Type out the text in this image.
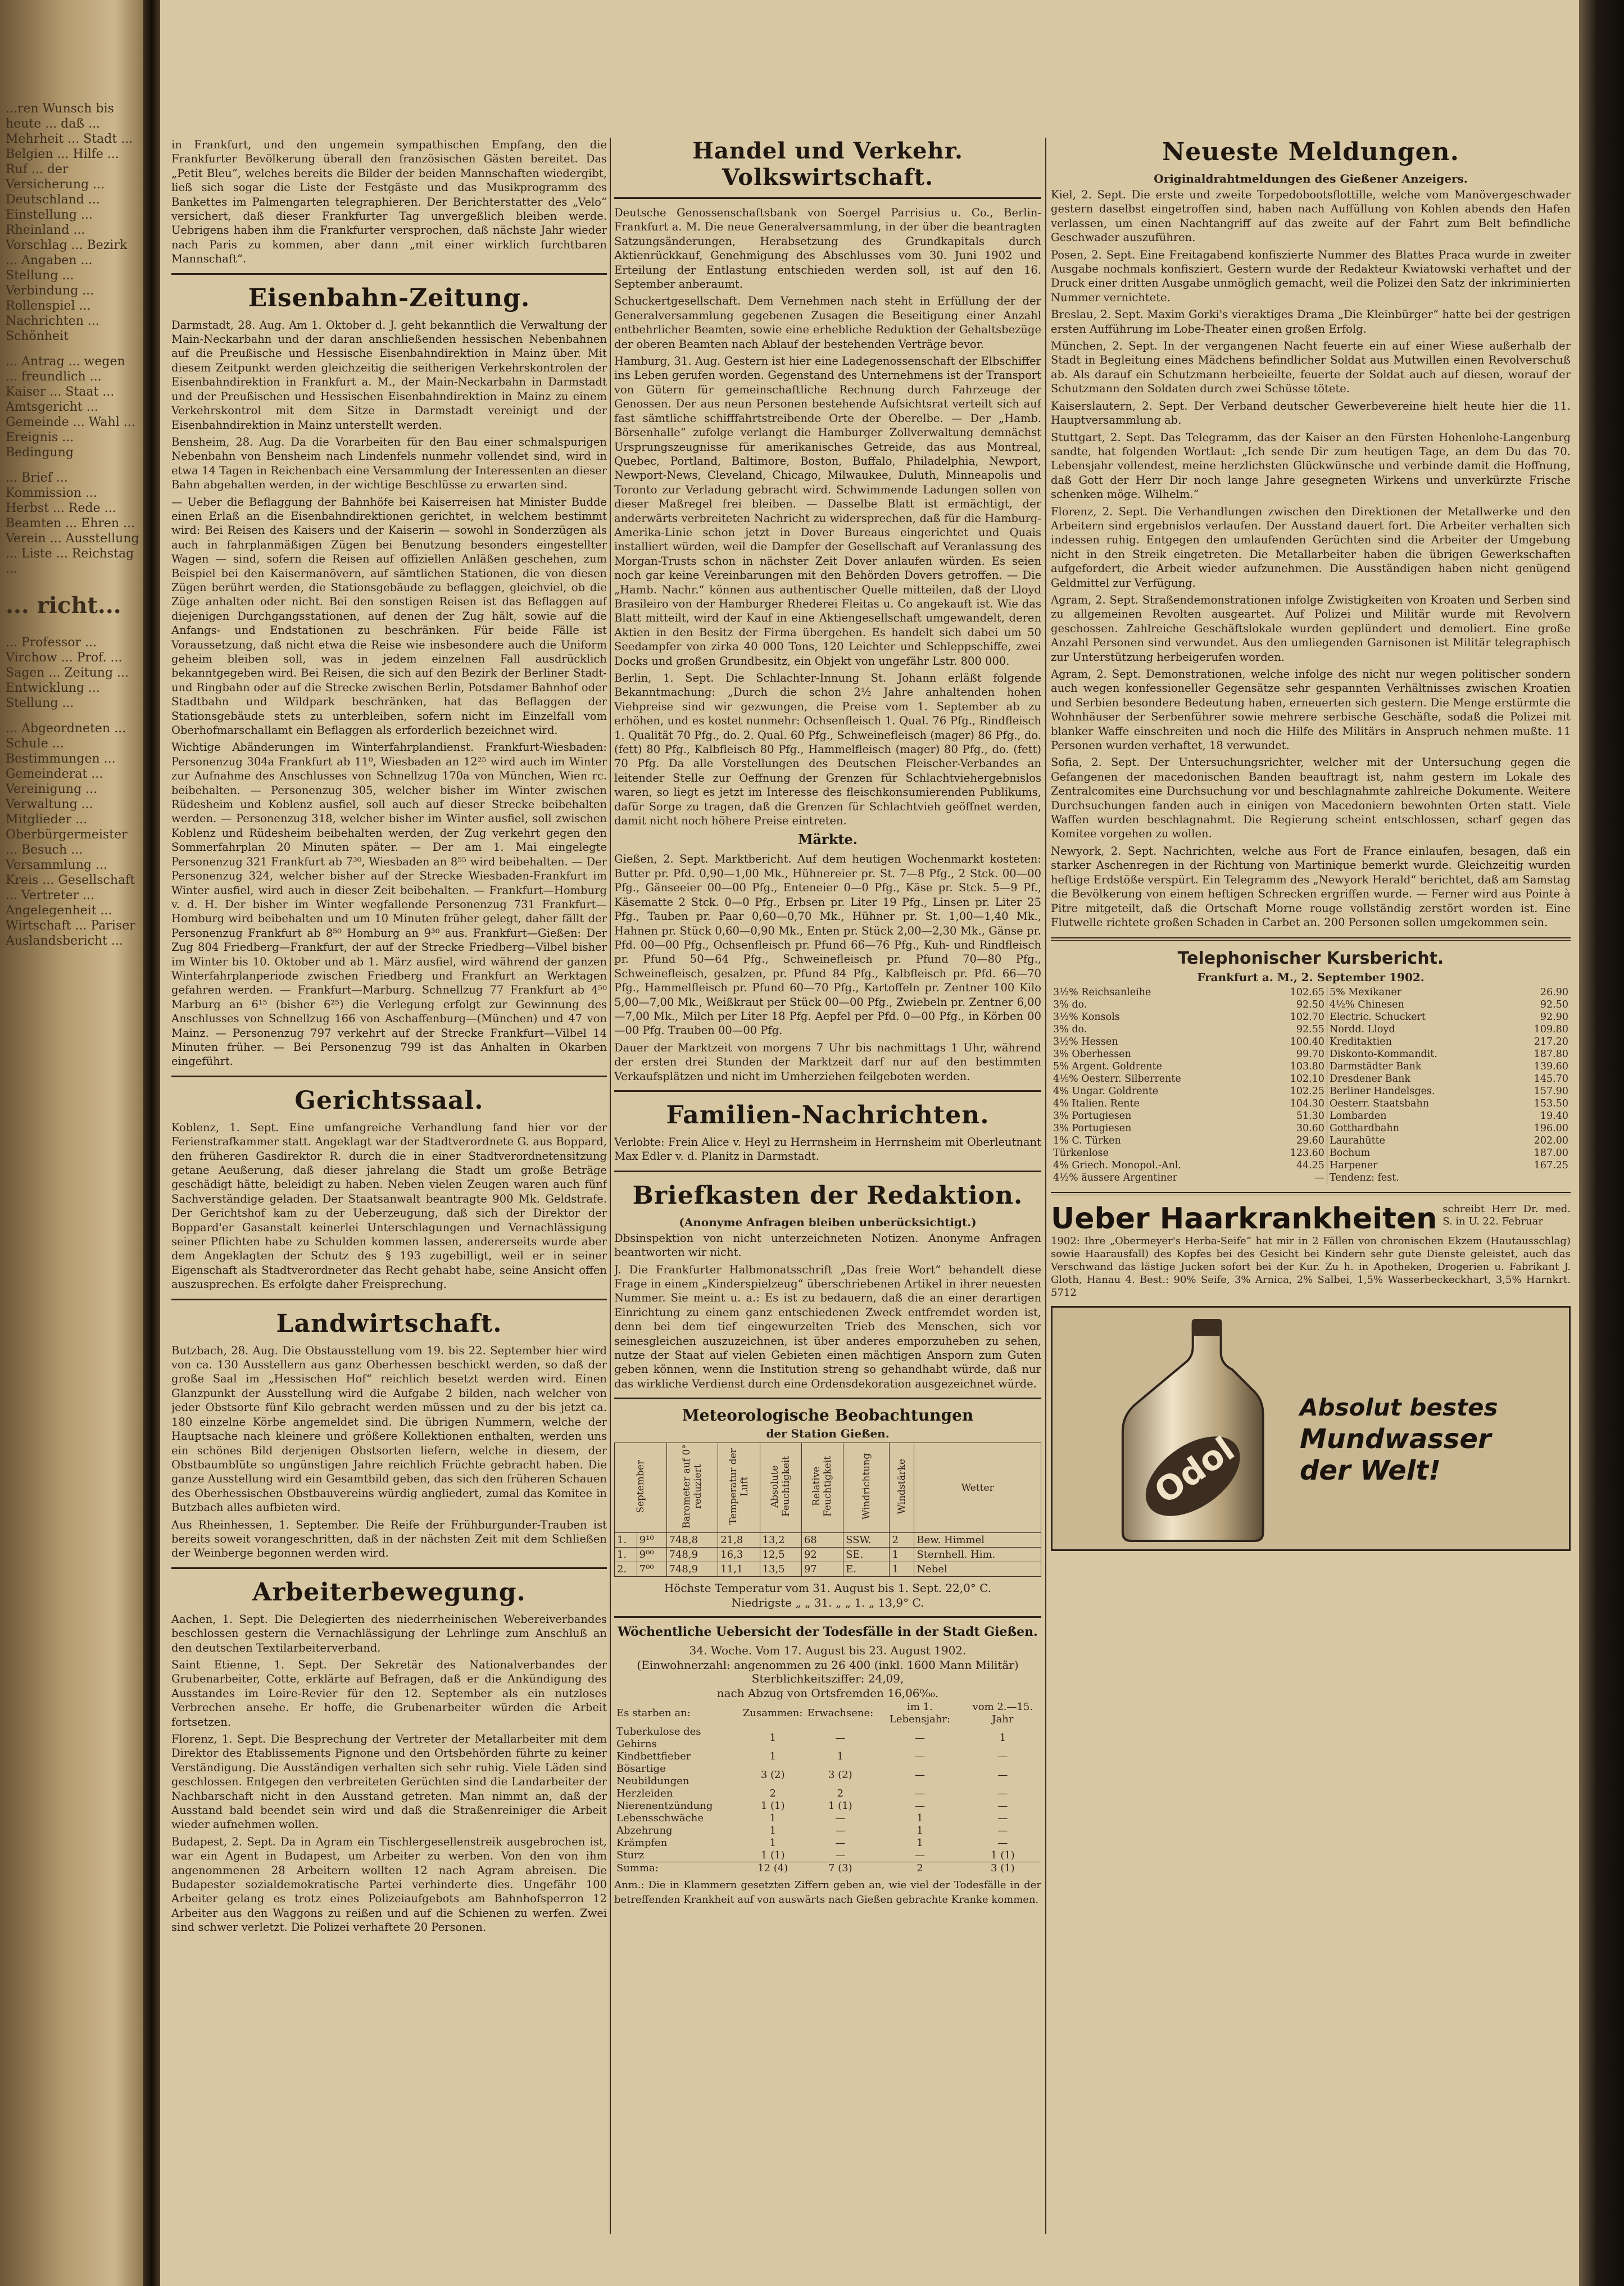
...ren Wunsch bis heute ... daß ... Mehrheit ... Stadt ... Belgien ... Hilfe ... Ruf ... der Versicherung ... Deutschland ... Einstellung ... Rheinland ... Vorschlag ... Bezirk ... Angaben ... Stellung ... Verbindung ... Rollenspiel ... Nachrichten ... Schönheit

... Antrag ... wegen ... freundlich ... Kaiser ... Staat ... Amtsgericht ... Gemeinde ... Wahl ... Ereignis ... Bedingung

... Brief ... Kommission ... Herbst ... Rede ... Beamten ... Ehren ... Verein ... Ausstellung ... Liste ... Reichstag ...

... richt...

... Professor ... Virchow ... Prof. ... Sagen ... Zeitung ... Entwicklung ... Stellung ...

... Abgeordneten ... Schule ... Bestimmungen ... Gemeinderat ... Vereinigung ... Verwaltung ... Mitglieder ... Oberbürgermeister ... Besuch ... Versammlung ... Kreis ... Gesellschaft ... Vertreter ... Angelegenheit ... Wirtschaft ... Pariser Auslandsbericht ...

in Frankfurt, und den ungemein sympathischen Empfang, den die Frankfurter Bevölkerung überall den französischen Gästen bereitet. Das „Petit Bleu“, welches bereits die Bilder der beiden Mannschaften wiedergibt, ließ sich sogar die Liste der Festgäste und das Musikprogramm des Bankettes im Palmengarten telegraphieren. Der Berichterstatter des „Velo“ versichert, daß dieser Frankfurter Tag unvergeßlich bleiben werde. Uebrigens haben ihm die Frankfurter versprochen, daß nächste Jahr wieder nach Paris zu kommen, aber dann „mit einer wirklich furchtbaren Mannschaft“.

Eisenbahn-Zeitung.

Darmstadt, 28. Aug. Am 1. Oktober d. J. geht bekanntlich die Verwaltung der Main-Neckarbahn und der daran anschließenden hessischen Nebenbahnen auf die Preußische und Hessische Eisenbahndirektion in Mainz über. Mit diesem Zeitpunkt werden gleichzeitig die seitherigen Verkehrskontrolen der Eisenbahndirektion in Frankfurt a. M., der Main-Neckarbahn in Darmstadt und der Preußischen und Hessischen Eisenbahndirektion in Mainz zu einem Verkehrskontrol mit dem Sitze in Darmstadt vereinigt und der Eisenbahndirektion in Mainz unterstellt werden.

Bensheim, 28. Aug. Da die Vorarbeiten für den Bau einer schmalspurigen Nebenbahn von Bensheim nach Lindenfels nunmehr vollendet sind, wird in etwa 14 Tagen in Reichenbach eine Versammlung der Interessenten an dieser Bahn abgehalten werden, in der wichtige Beschlüsse zu erwarten sind.

— Ueber die Beflaggung der Bahnhöfe bei Kaiserreisen hat Minister Budde einen Erlaß an die Eisenbahndirektionen gerichtet, in welchem bestimmt wird: Bei Reisen des Kaisers und der Kaiserin — sowohl in Sonderzügen als auch in fahrplanmäßigen Zügen bei Benutzung besonders eingestellter Wagen — sind, sofern die Reisen auf offiziellen Anläßen geschehen, zum Beispiel bei den Kaisermanövern, auf sämtlichen Stationen, die von diesen Zügen berührt werden, die Stationsgebäude zu beflaggen, gleichviel, ob die Züge anhalten oder nicht. Bei den sonstigen Reisen ist das Beflaggen auf diejenigen Durchgangsstationen, auf denen der Zug hält, sowie auf die Anfangs- und Endstationen zu beschränken. Für beide Fälle ist Voraussetzung, daß nicht etwa die Reise wie insbesondere auch die Uniform geheim bleiben soll, was in jedem einzelnen Fall ausdrücklich bekanntgegeben wird. Bei Reisen, die sich auf den Bezirk der Berliner Stadt- und Ringbahn oder auf die Strecke zwischen Berlin, Potsdamer Bahnhof oder Stadtbahn und Wildpark beschränken, hat das Beflaggen der Stationsgebäude stets zu unterbleiben, sofern nicht im Einzelfall vom Oberhofmarschallamt ein Beflaggen als erforderlich bezeichnet wird.

Wichtige Abänderungen im Winterfahrplandienst. Frankfurt-Wiesbaden: Personenzug 304a Frankfurt ab 11⁰, Wiesbaden an 12²⁵ wird auch im Winter zur Aufnahme des Anschlusses von Schnellzug 170a von München, Wien rc. beibehalten. — Personenzug 305, welcher bisher im Winter zwischen Rüdesheim und Koblenz ausfiel, soll auch auf dieser Strecke beibehalten werden. — Personenzug 318, welcher bisher im Winter ausfiel, soll zwischen Koblenz und Rüdesheim beibehalten werden, der Zug verkehrt gegen den Sommerfahrplan 20 Minuten später. — Der am 1. Mai eingelegte Personenzug 321 Frankfurt ab 7³⁰, Wiesbaden an 8⁵⁵ wird beibehalten. — Der Personenzug 324, welcher bisher auf der Strecke Wiesbaden-Frankfurt im Winter ausfiel, wird auch in dieser Zeit beibehalten. — Frankfurt—Homburg v. d. H. Der bisher im Winter wegfallende Personenzug 731 Frankfurt—Homburg wird beibehalten und um 10 Minuten früher gelegt, daher fällt der Personenzug Frankfurt ab 8⁵⁰ Homburg an 9³⁰ aus. Frankfurt—Gießen: Der Zug 804 Friedberg—Frankfurt, der auf der Strecke Friedberg—Vilbel bisher im Winter bis 10. Oktober und ab 1. März ausfiel, wird während der ganzen Winterfahrplanperiode zwischen Friedberg und Frankfurt an Werktagen gefahren werden. — Frankfurt—Marburg. Schnellzug 77 Frankfurt ab 4⁵⁰ Marburg an 6¹⁵ (bisher 6²⁵) die Verlegung erfolgt zur Gewinnung des Anschlusses von Schnellzug 166 von Aschaffenburg—(München) und 47 von Mainz. — Personenzug 797 verkehrt auf der Strecke Frankfurt—Vilbel 14 Minuten früher. — Bei Personenzug 799 ist das Anhalten in Okarben eingeführt.

Gerichtssaal.

Koblenz, 1. Sept. Eine umfangreiche Verhandlung fand hier vor der Ferienstrafkammer statt. Angeklagt war der Stadtverordnete G. aus Boppard, den früheren Gasdirektor R. durch die in einer Stadtverordnetensitzung getane Aeußerung, daß dieser jahrelang die Stadt um große Beträge geschädigt hätte, beleidigt zu haben. Neben vielen Zeugen waren auch fünf Sachverständige geladen. Der Staatsanwalt beantragte 900 Mk. Geldstrafe. Der Gerichtshof kam zu der Ueberzeugung, daß sich der Direktor der Boppard'er Gasanstalt keinerlei Unterschlagungen und Vernachlässigung seiner Pflichten habe zu Schulden kommen lassen, andererseits wurde aber dem Angeklagten der Schutz des § 193 zugebilligt, weil er in seiner Eigenschaft als Stadtverordneter das Recht gehabt habe, seine Ansicht offen auszusprechen. Es erfolgte daher Freisprechung.

Landwirtschaft.

Butzbach, 28. Aug. Die Obstausstellung vom 19. bis 22. September hier wird von ca. 130 Ausstellern aus ganz Oberhessen beschickt werden, so daß der große Saal im „Hessischen Hof“ reichlich besetzt werden wird. Einen Glanzpunkt der Ausstellung wird die Aufgabe 2 bilden, nach welcher von jeder Obstsorte fünf Kilo gebracht werden müssen und zu der bis jetzt ca. 180 einzelne Körbe angemeldet sind. Die übrigen Nummern, welche der Hauptsache nach kleinere und größere Kollektionen enthalten, werden uns ein schönes Bild derjenigen Obstsorten liefern, welche in diesem, der Obstbaumblüte so ungünstigen Jahre reichlich Früchte gebracht haben. Die ganze Ausstellung wird ein Gesamtbild geben, das sich den früheren Schauen des Oberhessischen Obstbauvereins würdig angliedert, zumal das Komitee in Butzbach alles aufbieten wird.

Aus Rheinhessen, 1. September. Die Reife der Frühburgunder-Trauben ist bereits soweit vorangeschritten, daß in der nächsten Zeit mit dem Schließen der Weinberge begonnen werden wird.

Arbeiterbewegung.

Aachen, 1. Sept. Die Delegierten des niederrheinischen Webereiverbandes beschlossen gestern die Vernachlässigung der Lehrlinge zum Anschluß an den deutschen Textilarbeiterverband.

Saint Etienne, 1. Sept. Der Sekretär des Nationalverbandes der Grubenarbeiter, Cotte, erklärte auf Befragen, daß er die Ankündigung des Ausstandes im Loire-Revier für den 12. September als ein nutzloses Verbrechen ansehe. Er hoffe, die Grubenarbeiter würden die Arbeit fortsetzen.

Florenz, 1. Sept. Die Besprechung der Vertreter der Metallarbeiter mit dem Direktor des Etablissements Pignone und den Ortsbehörden führte zu keiner Verständigung. Die Ausständigen verhalten sich sehr ruhig. Viele Läden sind geschlossen. Entgegen den verbreiteten Gerüchten sind die Landarbeiter der Nachbarschaft nicht in den Ausstand getreten. Man nimmt an, daß der Ausstand bald beendet sein wird und daß die Straßenreiniger die Arbeit wieder aufnehmen wollen.

Budapest, 2. Sept. Da in Agram ein Tischlergesellenstreik ausgebrochen ist, war ein Agent in Budapest, um Arbeiter zu werben. Von den von ihm angenommenen 28 Arbeitern wollten 12 nach Agram abreisen. Die Budapester sozialdemokratische Partei verhinderte dies. Ungefähr 100 Arbeiter gelang es trotz eines Polizeiaufgebots am Bahnhofsperron 12 Arbeiter aus den Waggons zu reißen und auf die Schienen zu werfen. Zwei sind schwer verletzt. Die Polizei verhaftete 20 Personen.

Handel und Verkehr. Volkswirtschaft.

Deutsche Genossenschaftsbank von Soergel Parrisius u. Co., Berlin-Frankfurt a. M. Die neue Generalversammlung, in der über die beantragten Satzungsänderungen, Herabsetzung des Grundkapitals durch Aktienrückkauf, Genehmigung des Abschlusses vom 30. Juni 1902 und Erteilung der Entlastung entschieden werden soll, ist auf den 16. September anberaumt.

Schuckertgesellschaft. Dem Vernehmen nach steht in Erfüllung der der Generalversammlung gegebenen Zusagen die Beseitigung einer Anzahl entbehrlicher Beamten, sowie eine erhebliche Reduktion der Gehaltsbezüge der oberen Beamten nach Ablauf der bestehenden Verträge bevor.

Hamburg, 31. Aug. Gestern ist hier eine Ladegenossenschaft der Elbschiffer ins Leben gerufen worden. Gegenstand des Unternehmens ist der Transport von Gütern für gemeinschaftliche Rechnung durch Fahrzeuge der Genossen. Der aus neun Personen bestehende Aufsichtsrat verteilt sich auf fast sämtliche schifffahrtstreibende Orte der Oberelbe. — Der „Hamb. Börsenhalle“ zufolge verlangt die Hamburger Zollverwaltung demnächst Ursprungszeugnisse für amerikanisches Getreide, das aus Montreal, Quebec, Portland, Baltimore, Boston, Buffalo, Philadelphia, Newport, Newport-News, Cleveland, Chicago, Milwaukee, Duluth, Minneapolis und Toronto zur Verladung gebracht wird. Schwimmende Ladungen sollen von dieser Maßregel frei bleiben. — Dasselbe Blatt ist ermächtigt, der anderwärts verbreiteten Nachricht zu widersprechen, daß für die Hamburg-Amerika-Linie schon jetzt in Dover Bureaus eingerichtet und Quais installiert würden, weil die Dampfer der Gesellschaft auf Veranlassung des Morgan-Trusts schon in nächster Zeit Dover anlaufen würden. Es seien noch gar keine Vereinbarungen mit den Behörden Dovers getroffen. — Die „Hamb. Nachr.“ können aus authentischer Quelle mitteilen, daß der Lloyd Brasileiro von der Hamburger Rhederei Fleitas u. Co angekauft ist. Wie das Blatt mitteilt, wird der Kauf in eine Aktiengesellschaft umgewandelt, deren Aktien in den Besitz der Firma übergehen. Es handelt sich dabei um 50 Seedampfer von zirka 40 000 Tons, 120 Leichter und Schleppschiffe, zwei Docks und großen Grundbesitz, ein Objekt von ungefähr Lstr. 800 000.

Berlin, 1. Sept. Die Schlachter-Innung St. Johann erläßt folgende Bekanntmachung: „Durch die schon 2¹⁄₂ Jahre anhaltenden hohen Viehpreise sind wir gezwungen, die Preise vom 1. September ab zu erhöhen, und es kostet nunmehr: Ochsenfleisch 1. Qual. 76 Pfg., Rindfleisch 1. Qualität 70 Pfg., do. 2. Qual. 60 Pfg., Schweinefleisch (mager) 86 Pfg., do. (fett) 80 Pfg., Kalbfleisch 80 Pfg., Hammelfleisch (mager) 80 Pfg., do. (fett) 70 Pfg. Da alle Vorstellungen des Deutschen Fleischer-Verbandes an leitender Stelle zur Oeffnung der Grenzen für Schlachtviehergebnislos waren, so liegt es jetzt im Interesse des fleischkonsumierenden Publikums, dafür Sorge zu tragen, daß die Grenzen für Schlachtvieh geöffnet werden, damit nicht noch höhere Preise eintreten.

Märkte.

Gießen, 2. Sept. Marktbericht. Auf dem heutigen Wochenmarkt kosteten: Butter pr. Pfd. 0,90—1,00 Mk., Hühnereier pr. St. 7—8 Pfg., 2 Stck. 00—00 Pfg., Gänseeier 00—00 Pfg., Enteneier 0—0 Pfg., Käse pr. Stck. 5—9 Pf., Käsematte 2 Stck. 0—0 Pfg., Erbsen pr. Liter 19 Pfg., Linsen pr. Liter 25 Pfg., Tauben pr. Paar 0,60—0,70 Mk., Hühner pr. St. 1,00—1,40 Mk., Hahnen pr. Stück 0,60—0,90 Mk., Enten pr. Stück 2,00—2,30 Mk., Gänse pr. Pfd. 00—00 Pfg., Ochsenfleisch pr. Pfund 66—76 Pfg., Kuh- und Rindfleisch pr. Pfund 50—64 Pfg., Schweinefleisch pr. Pfund 70—80 Pfg., Schweinefleisch, gesalzen, pr. Pfund 84 Pfg., Kalbfleisch pr. Pfd. 66—70 Pfg., Hammelfleisch pr. Pfund 60—70 Pfg., Kartoffeln pr. Zentner 100 Kilo 5,00—7,00 Mk., Weißkraut per Stück 00—00 Pfg., Zwiebeln pr. Zentner 6,00—7,00 Mk., Milch per Liter 18 Pfg. Aepfel per Pfd. 0—00 Pfg., in Körben 00—00 Pfg. Trauben 00—00 Pfg.

Dauer der Marktzeit von morgens 7 Uhr bis nachmittags 1 Uhr, während der ersten drei Stunden der Marktzeit darf nur auf den bestimmten Verkaufsplätzen und nicht im Umherziehen feilgeboten werden.

Familien-Nachrichten.

Verlobte: Frein Alice v. Heyl zu Herrnsheim in Herrnsheim mit Oberleutnant Max Edler v. d. Planitz in Darmstadt.

Briefkasten der Redaktion.
(Anonyme Anfragen bleiben unberücksichtigt.)

Dbsinspektion von nicht unterzeichneten Notizen. Anonyme Anfragen beantworten wir nicht.

J. Die Frankfurter Halbmonatsschrift „Das freie Wort“ behandelt diese Frage in einem „Kinderspielzeug“ überschriebenen Artikel in ihrer neuesten Nummer. Sie meint u. a.: Es ist zu bedauern, daß die an einer derartigen Einrichtung zu einem ganz entschiedenen Zweck entfremdet worden ist, denn bei dem tief eingewurzelten Trieb des Menschen, sich vor seinesgleichen auszuzeichnen, ist über anderes emporzuheben zu sehen, nutze der Staat auf vielen Gebieten einen mächtigen Ansporn zum Guten geben können, wenn die Institution streng so gehandhabt würde, daß nur das wirkliche Verdienst durch eine Ordensdekoration ausgezeichnet würde.

Meteorologische Beobachtungen
der Station Gießen.
September		Barometer auf 0° reduziert	Temperatur der Luft	Absolute Feuchtigkeit	Relative Feuchtigkeit	Windrichtung	Windstärke	Wetter
1.	9¹⁰	748,8	21,8	13,2	68	SSW.	2	Bew. Himmel
1.	9⁰⁰	748,9	16,3	12,5	92	SE.	1	Sternhell. Him.
2.	7⁰⁰	748,9	11,1	13,5	97	E.	1	Nebel
Höchste Temperatur vom 31. August bis 1. Sept. 22,0° C.
Niedrigste „ „ 31. „ „ 1. „ 13,9° C.
Wöchentliche Uebersicht der Todesfälle in der Stadt Gießen.
34. Woche. Vom 17. August bis 23. August 1902.
(Einwohnerzahl: angenommen zu 26 400 (inkl. 1600 Mann Militär) Sterblichkeitsziffer: 24,09,
nach Abzug von Ortsfremden 16,06⁰⁄₀₀.
Es starben an:	Zusammen:	Erwachsene:	im 1. Lebensjahr:	vom 2.—15. Jahr
Tuberkulose des Gehirns	1	—	—	1
Kindbettfieber	1	1	—	—
Bösartige Neubildungen	3 (2)	3 (2)	—	—
Herzleiden	2	2	—	—
Nierenentzündung	1 (1)	1 (1)	—	—
Lebensschwäche	1	—	1	—
Abzehrung	1	—	1	—
Krämpfen	1	—	1	—
Sturz	1 (1)	—	—	1 (1)
Summa:	12 (4)	7 (3)	2	3 (1)

Anm.: Die in Klammern gesetzten Ziffern geben an, wie viel der Todesfälle in der betreffenden Krankheit auf von auswärts nach Gießen gebrachte Kranke kommen.

Neueste Meldungen.
Originaldrahtmeldungen des Gießener Anzeigers.

Kiel, 2. Sept. Die erste und zweite Torpedobootsflottille, welche vom Manövergeschwader gestern daselbst eingetroffen sind, haben nach Auffüllung von Kohlen abends den Hafen verlassen, um einen Nachtangriff auf das zweite auf der Fahrt zum Belt befindliche Geschwader auszuführen.

Posen, 2. Sept. Eine Freitagabend konfiszierte Nummer des Blattes Praca wurde in zweiter Ausgabe nochmals konfisziert. Gestern wurde der Redakteur Kwiatowski verhaftet und der Druck einer dritten Ausgabe unmöglich gemacht, weil die Polizei den Satz der inkriminierten Nummer vernichtete.

Breslau, 2. Sept. Maxim Gorki's vieraktiges Drama „Die Kleinbürger“ hatte bei der gestrigen ersten Aufführung im Lobe-Theater einen großen Erfolg.

München, 2. Sept. In der vergangenen Nacht feuerte ein auf einer Wiese außerhalb der Stadt in Begleitung eines Mädchens befindlicher Soldat aus Mutwillen einen Revolverschuß ab. Als darauf ein Schutzmann herbeieilte, feuerte der Soldat auch auf diesen, worauf der Schutzmann den Soldaten durch zwei Schüsse tötete.

Kaiserslautern, 2. Sept. Der Verband deutscher Gewerbevereine hielt heute hier die 11. Hauptversammlung ab.

Stuttgart, 2. Sept. Das Telegramm, das der Kaiser an den Fürsten Hohenlohe-Langenburg sandte, hat folgenden Wortlaut: „Ich sende Dir zum heutigen Tage, an dem Du das 70. Lebensjahr vollendest, meine herzlichsten Glückwünsche und verbinde damit die Hoffnung, daß Gott der Herr Dir noch lange Jahre gesegneten Wirkens und unverkürzte Frische schenken möge. Wilhelm.“

Florenz, 2. Sept. Die Verhandlungen zwischen den Direktionen der Metallwerke und den Arbeitern sind ergebnislos verlaufen. Der Ausstand dauert fort. Die Arbeiter verhalten sich indessen ruhig. Entgegen den umlaufenden Gerüchten sind die Arbeiter der Umgebung nicht in den Streik eingetreten. Die Metallarbeiter haben die übrigen Gewerkschaften aufgefordert, die Arbeit wieder aufzunehmen. Die Ausständigen haben nicht genügend Geldmittel zur Verfügung.

Agram, 2. Sept. Straßendemonstrationen infolge Zwistigkeiten von Kroaten und Serben sind zu allgemeinen Revolten ausgeartet. Auf Polizei und Militär wurde mit Revolvern geschossen. Zahlreiche Geschäftslokale wurden geplündert und demoliert. Eine große Anzahl Personen sind verwundet. Aus den umliegenden Garnisonen ist Militär telegraphisch zur Unterstützung herbeigerufen worden.

Agram, 2. Sept. Demonstrationen, welche infolge des nicht nur wegen politischer sondern auch wegen konfessioneller Gegensätze sehr gespannten Verhältnisses zwischen Kroatien und Serbien besondere Bedeutung haben, erneuerten sich gestern. Die Menge erstürmte die Wohnhäuser der Serbenführer sowie mehrere serbische Geschäfte, sodaß die Polizei mit blanker Waffe einschreiten und noch die Hilfe des Militärs in Anspruch nehmen mußte. 11 Personen wurden verhaftet, 18 verwundet.

Sofia, 2. Sept. Der Untersuchungsrichter, welcher mit der Untersuchung gegen die Gefangenen der macedonischen Banden beauftragt ist, nahm gestern im Lokale des Zentralcomites eine Durchsuchung vor und beschlagnahmte zahlreiche Dokumente. Weitere Durchsuchungen fanden auch in einigen von Macedoniern bewohnten Orten statt. Viele Waffen wurden beschlagnahmt. Die Regierung scheint entschlossen, scharf gegen das Komitee vorgehen zu wollen.

Newyork, 2. Sept. Nachrichten, welche aus Fort de France einlaufen, besagen, daß ein starker Aschenregen in der Richtung von Martinique bemerkt wurde. Gleichzeitig wurden heftige Erdstöße verspürt. Ein Telegramm des „Newyork Herald“ berichtet, daß am Samstag die Bevölkerung von einem heftigen Schrecken ergriffen wurde. — Ferner wird aus Pointe à Pitre mitgeteilt, daß die Ortschaft Morne rouge vollständig zerstört worden ist. Eine Flutwelle richtete großen Schaden in Carbet an. 200 Personen sollen umgekommen sein.

Telephonischer Kursbericht.
Frankfurt a. M., 2. September 1902.
3¹⁄₂% Reichsanleihe	102.65	5% Mexikaner	26.90
3% do.	92.50	4¹⁄₂% Chinesen	92.50
3¹⁄₂% Konsols	102.70	Electric. Schuckert	92.90
3% do.	92.55	Nordd. Lloyd	109.80
3¹⁄₂% Hessen	100.40	Kreditaktien	217.20
3% Oberhessen	99.70	Diskonto-Kommandit.	187.80
5% Argent. Goldrente	103.80	Darmstädter Bank	139.60
4¹⁄₅% Oesterr. Silberrente	102.10	Dresdener Bank	145.70
4% Ungar. Goldrente	102.25	Berliner Handelsges.	157.90
4% Italien. Rente	104.30	Oesterr. Staatsbahn	153.50
3% Portugiesen	51.30	Lombarden	19.40
3% Portugiesen	30.60	Gotthardbahn	196.00
1% C. Türken	29.60	Laurahütte	202.00
Türkenlose	123.60	Bochum	187.00
4% Griech. Monopol.-Anl.	44.25	Harpener	167.25
4¹⁄₂% äussere Argentiner	—	Tendenz: fest.	
Ueber Haarkrankheiten schreibt Herr Dr. med. S. in U. 22. Februar

1902: Ihre „Obermeyer's Herba-Seife“ hat mir in 2 Fällen von chronischen Ekzem (Hautausschlag) sowie Haarausfall) des Kopfes bei des Gesicht bei Kindern sehr gute Dienste geleistet, auch das Verschwand das lästige Jucken sofort bei der Kur. Zu h. in Apotheken, Drogerien u. Fabrikant J. Gloth, Hanau 4. Best.: 90% Seife, 3% Arnica, 2% Salbei, 1,5% Wasserbeckeckhart, 3,5% Harnkrt. 5712

Odol
Absolut bestes
Mundwasser
der Welt!
